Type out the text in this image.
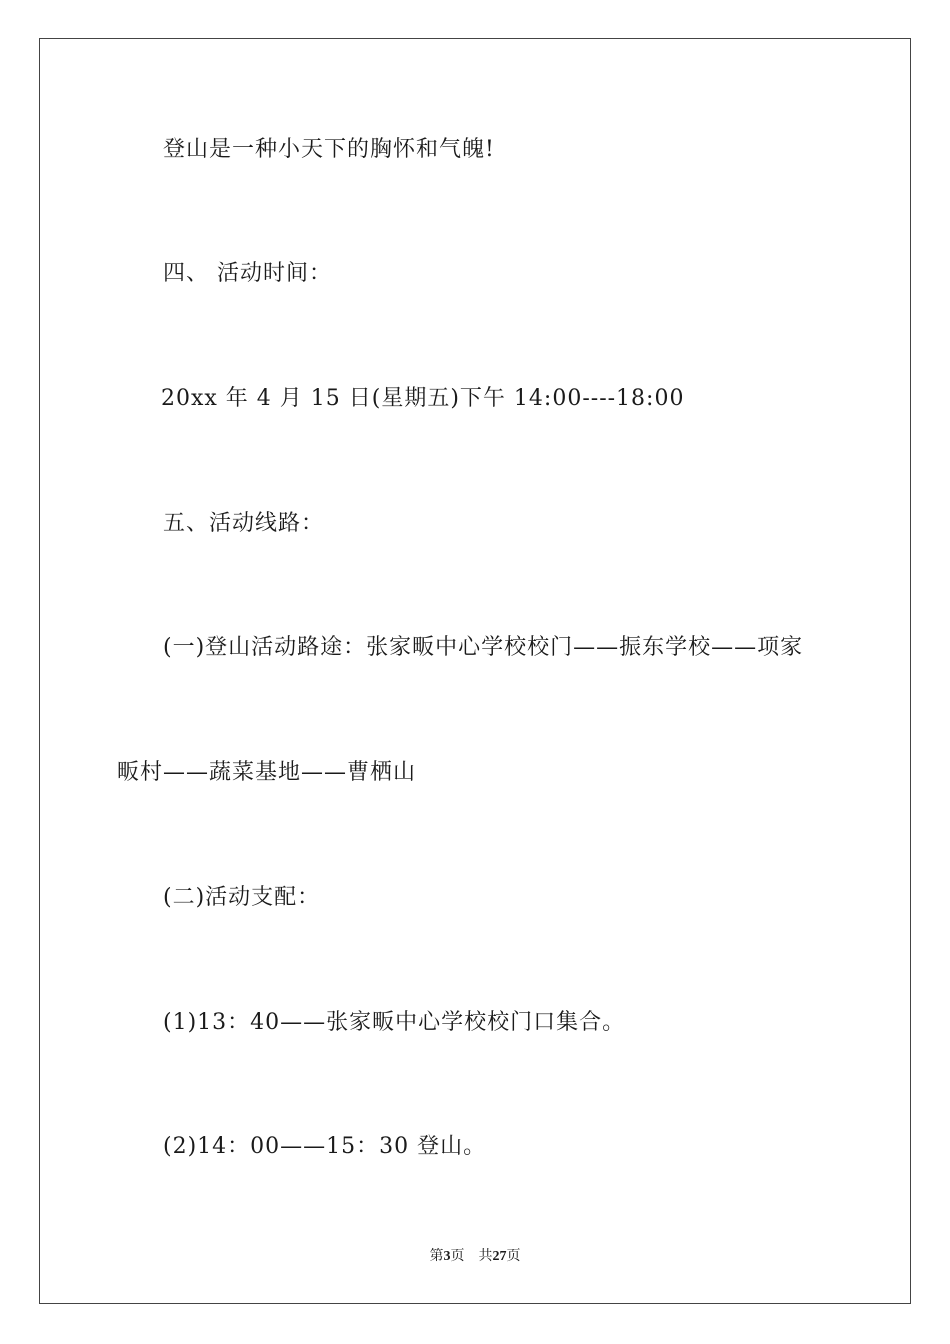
登山是一种小天下的胸怀和气魄!
四、 活动时间：
20xx 年 4 月 15 日(星期五)下午 14:00----18:00
五、活动线路：
(一)登山活动路途：张家畈中心学校校门——振东学校——项家
畈村——蔬菜基地——曹栖山
(二)活动支配：
(1)13：40——张家畈中心学校校门口集合。
(2)14：00——15：30 登山。
第3页 共27页
